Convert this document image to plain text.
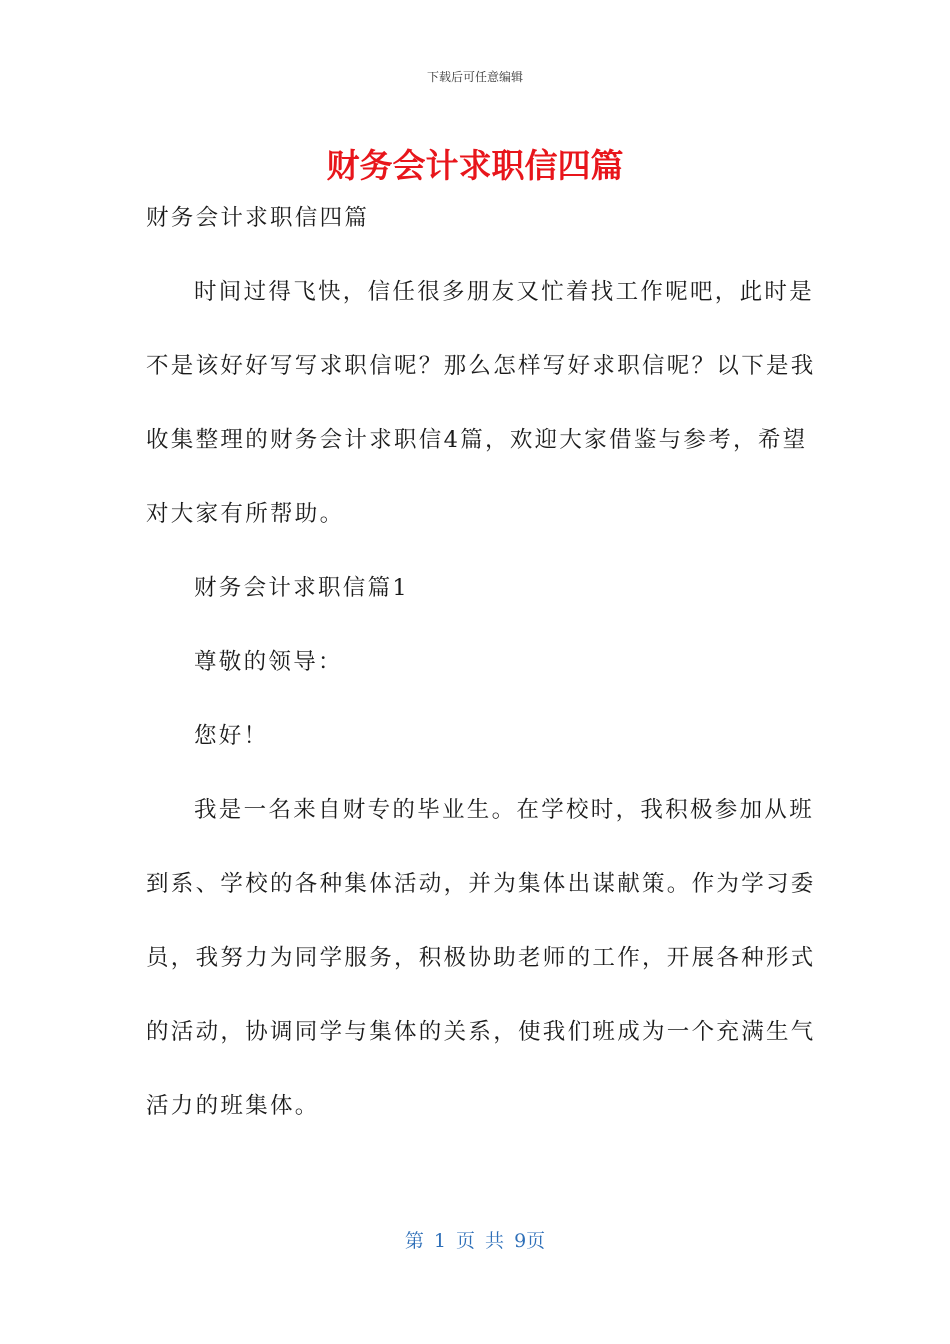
下载后可任意编辑
财务会计求职信四篇
财务会计求职信四篇
时间过得飞快，信任很多朋友又忙着找工作呢吧，此时是
不是该好好写写求职信呢？那么怎样写好求职信呢？以下是我
收集整理的财务会计求职信4篇，欢迎大家借鉴与参考，希望
对大家有所帮助。
财务会计求职信篇1
尊敬的领导：
您好！
我是一名来自财专的毕业生。在学校时，我积极参加从班
到系、学校的各种集体活动，并为集体出谋献策。作为学习委
员，我努力为同学服务，积极协助老师的工作，开展各种形式
的活动，协调同学与集体的关系，使我们班成为一个充满生气
活力的班集体。
第 1 页 共 9页
